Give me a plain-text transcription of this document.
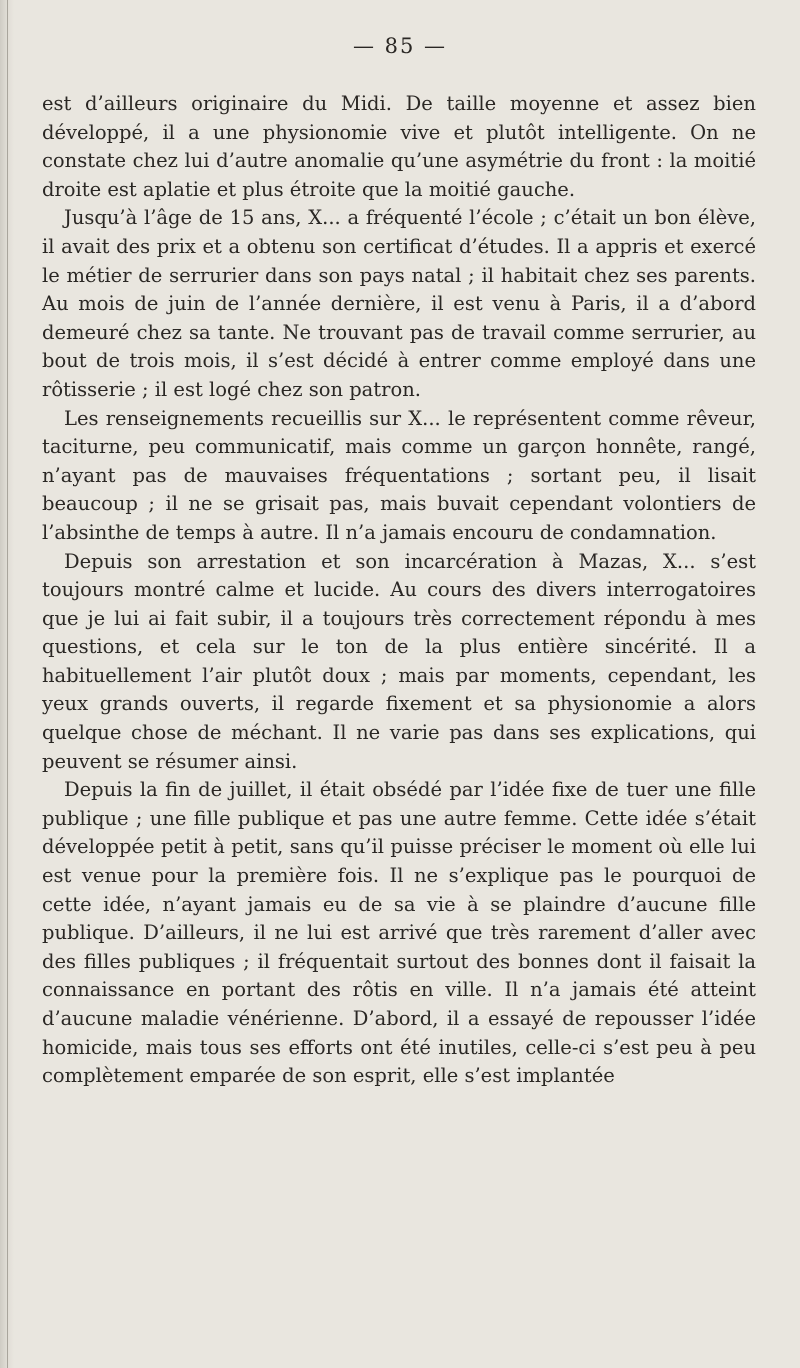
— 85 —

est d’ailleurs originaire du Midi. De taille moyenne et assez bien développé, il a une physionomie vive et plutôt intelligente. On ne constate chez lui d’autre anomalie qu’une asymétrie du front : la moitié droite est aplatie et plus étroite que la moitié gauche.

Jusqu’à l’âge de 15 ans, X... a fréquenté l’école ; c’était un bon élève, il avait des prix et a obtenu son certificat d’études. Il a appris et exercé le métier de serrurier dans son pays natal ; il habitait chez ses parents. Au mois de juin de l’année dernière, il est venu à Paris, il a d’abord demeuré chez sa tante. Ne trouvant pas de travail comme serrurier, au bout de trois mois, il s’est décidé à entrer comme employé dans une rôtisserie ; il est logé chez son patron.

Les renseignements recueillis sur X... le représentent comme rêveur, taciturne, peu communicatif, mais comme un garçon honnête, rangé, n’ayant pas de mauvaises fréquentations ; sortant peu, il lisait beaucoup ; il ne se grisait pas, mais buvait cependant volontiers de l’absinthe de temps à autre. Il n’a jamais encouru de condamnation.

Depuis son arrestation et son incarcération à Mazas, X... s’est toujours montré calme et lucide. Au cours des divers interrogatoires que je lui ai fait subir, il a toujours très correctement répondu à mes questions, et cela sur le ton de la plus entière sincérité. Il a habituellement l’air plutôt doux ; mais par moments, cependant, les yeux grands ouverts, il regarde fixement et sa physionomie a alors quelque chose de méchant. Il ne varie pas dans ses explications, qui peuvent se résumer ainsi.

Depuis la fin de juillet, il était obsédé par l’idée fixe de tuer une fille publique ; une fille publique et pas une autre femme. Cette idée s’était développée petit à petit, sans qu’il puisse préciser le moment où elle lui est venue pour la première fois. Il ne s’explique pas le pourquoi de cette idée, n’ayant jamais eu de sa vie à se plaindre d’aucune fille publique. D’ailleurs, il ne lui est arrivé que très rarement d’aller avec des filles publiques ; il fréquentait surtout des bonnes dont il faisait la connaissance en portant des rôtis en ville. Il n’a jamais été atteint d’aucune maladie vénérienne. D’abord, il a essayé de repousser l’idée homicide, mais tous ses efforts ont été inutiles, celle-ci s’est peu à peu complètement emparée de son esprit, elle s’est implantée
